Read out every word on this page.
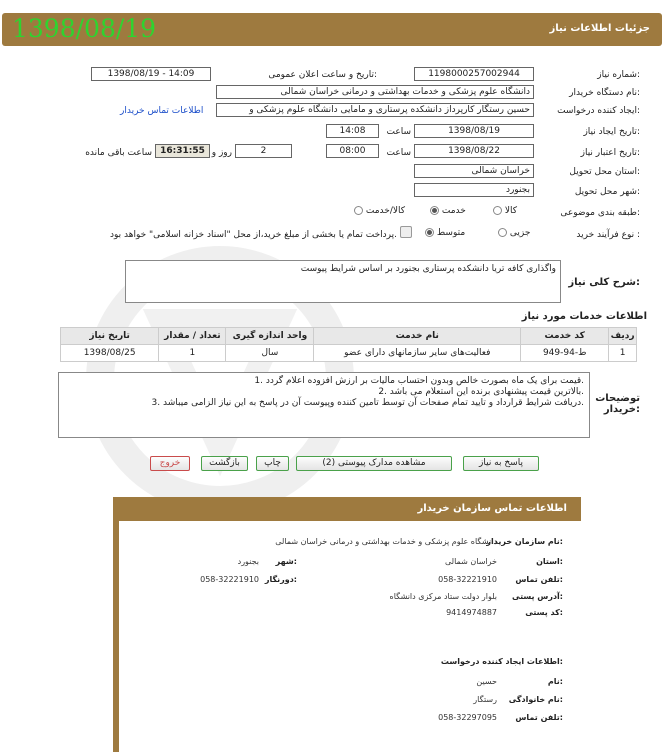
جزئیات اطلاعات نیاز
1398/08/19
شماره نیاز:
1198000257002944
تاریخ و ساعت اعلان عمومی:
1398/08/19 - 14:09
نام دستگاه خریدار:
دانشگاه علوم پزشکی و خدمات بهداشتی و درمانی خراسان شمالی
ایجاد کننده درخواست:
حسین رستگار کارپرداز دانشکده پرستاری و مامایی دانشگاه علوم پزشکی و
اطلاعات تماس خریدار
تاریخ ایجاد نیاز:
1398/08/19
ساعت
14:08
تاریخ اعتبار نیاز:
1398/08/22
ساعت
08:00
2
روز و
16:31:55
ساعت باقی مانده
استان محل تحویل:
خراسان شمالی
شهر محل تحویل:
بجنورد
طبقه بندی موضوعی:
کالا
خدمت
کالا/خدمت
نوع فرآیند خرید :
جزیی
متوسط
پرداخت تمام یا بخشی از مبلغ خرید،از محل "اسناد خزانه اسلامی" خواهد بود.
شرح کلی نیاز:
واگذاری کافه تریا دانشکده پرستاری بجنورد بر اساس شرایط پیوست
اطلاعات خدمات مورد نیاز
تاریخ نیاز	تعداد / مقدار	واحد اندازه گیری	نام خدمت	کد خدمت	ردیف
1398/08/25	1	سال	فعالیت‌های سایر سازمانهای دارای عضو	ط-94-949	1
توضیحات خریدار:
1. قیمت برای یک ماه بصورت خالص وبدون احتساب مالیات بر ارزش افزوده اعلام گردد.
2. بالاترین قیمت پیشنهادی برنده این استعلام می باشد.
3. دریافت شرایط قرارداد و تایید تمام صفحات آن توسط تامین کننده وپیوست آن در پاسخ به این نیاز الزامی میباشد.
پاسخ به نیاز
مشاهده مدارک پیوستی (2)
چاپ
بازگشت
خروج
اطلاعات تماس سازمان خریدار
نام سازمان خریدار:
دانشگاه علوم پزشکی و خدمات بهداشتی و درمانی خراسان شمالی
استان:
خراسان شمالی
شهر:
بجنورد
تلفن تماس:
058-32221910
دورنگار:
058-32221910
آدرس پستی:
بلوار دولت ستاد مرکزی دانشگاه
کد پستی:
9414974887
اطلاعات ایجاد کننده درخواست:
نام:
حسین
نام خانوادگی:
رستگار
تلفن تماس:
058-32297095
